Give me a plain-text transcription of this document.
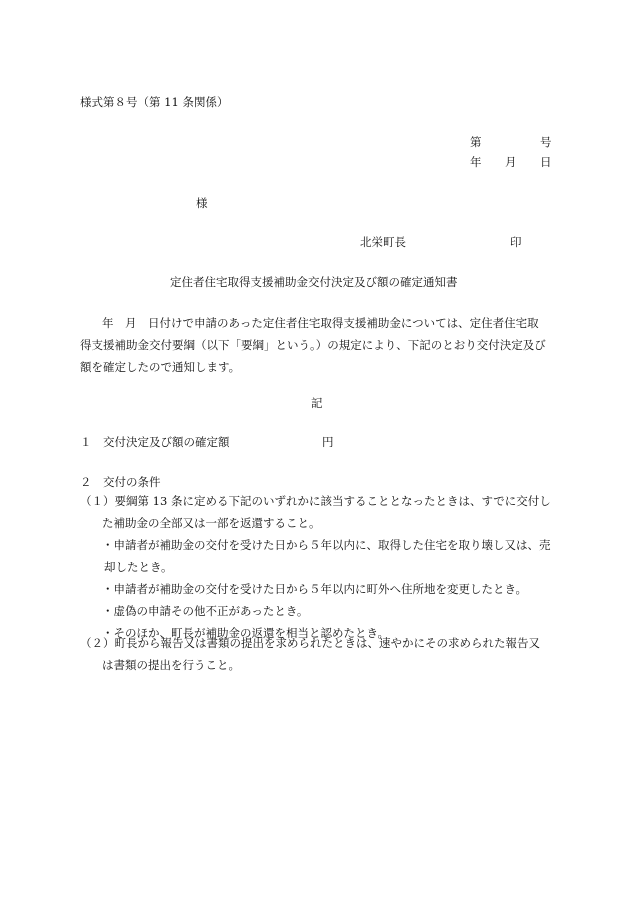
様式第８号（第 11 条関係）
第	号
年 月 日
様
北栄町長	印
定住者住宅取得支援補助金交付決定及び額の確定通知書
年　月　日付けで申請のあった定住者住宅取得支援補助金については、定住者住宅取
得支援補助金交付要綱（以下「要綱」という。）の規定により、下記のとおり交付決定及び
額を確定したので通知します。
記
１　交付決定及び額の確定額	円
２　交付の条件
（１）要綱第 13 条に定める下記のいずれかに該当することとなったときは、すでに交付し
た補助金の全部又は一部を返還すること。
・申請者が補助金の交付を受けた日から５年以内に、取得した住宅を取り壊し又は、売
却したとき。
・申請者が補助金の交付を受けた日から５年以内に町外へ住所地を変更したとき。
・虚偽の申請その他不正があったとき。
・そのほか、町長が補助金の返還を相当と認めたとき。
（２）町長から報告又は書類の提出を求められたときは、速やかにその求められた報告又
は書類の提出を行うこと。
